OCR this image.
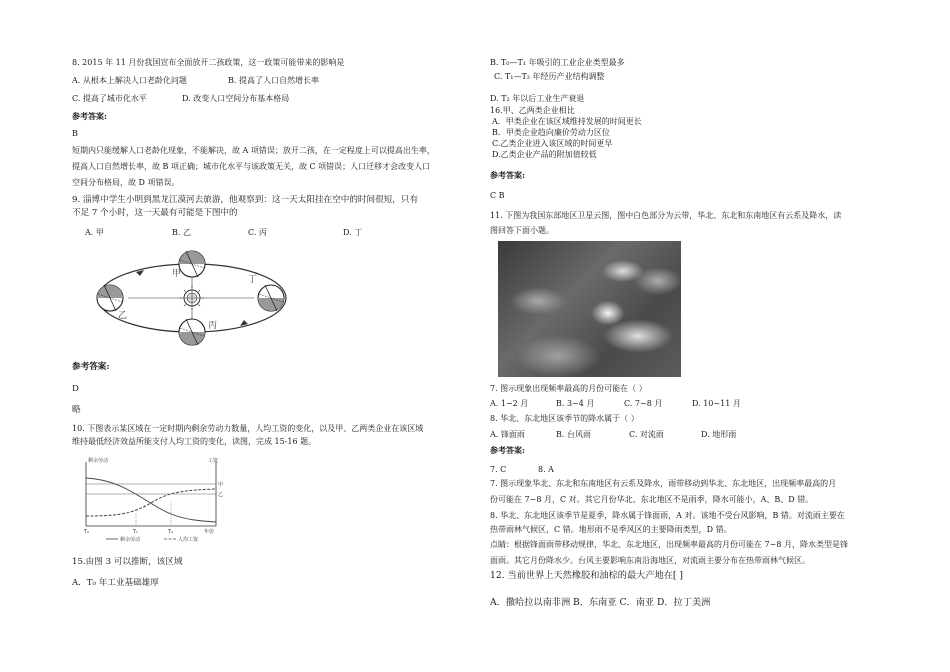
8. 2015 年 11 月份我国宣布全面放开二孩政策，这一政策可能带来的影响是
A. 从根本上解决人口老龄化问题	B. 提高了人口自然增长率
C. 提高了城市化水平	D. 改变人口空间分布基本格局
参考答案:
B
短期内只能缓解人口老龄化现象，不能解决，故 A 项错误；放开二孩，在一定程度上可以提高出生率，
提高人口自然增长率，故 B 项正确；城市化水平与该政策无关，故 C 项错误；人口迁移才会改变人口
空间分布格局，故 D 项错误。
9. 淄博中学生小明到黑龙江漠河去旅游，他观察到：这一天太阳挂在空中的时间很短，只有
不足 7 个小时，这一天最有可能是下图中的
A. 甲	B. 乙	C. 丙	D. 丁
甲
乙
丙
丁
参考答案:
D
略
10. 下图表示某区域在一定时期内剩余劳动力数量，人均工资的变化，以及甲、乙两类企业在该区域
维持最低经济效益所能支付人均工资的变化，读图，完成 15-16 题。
剩余劳动	工资
甲
乙
T₀	T₁	T₂	年份
剩余劳动	人均工资
15.由图 3 可以推断，该区域
A．T₀ 年工业基础雄厚
B. T₀—T₁ 年吸引的工业企业类型最多
C. T₁—T₂ 年经历产业结构调整
D. T₂ 年以后工业生产衰退
16.甲、乙两类企业相比
A．甲类企业在该区域维持发展的时间更长
B．甲类企业趋向廉价劳动力区位
C.乙类企业进入该区域的时间更早
D.乙类企业产品的附加值较低
参考答案:
C B
11. 下图为我国东部地区卫星云图，图中白色部分为云带，华北、东北和东南地区有云系及降水，读
图回答下面小题。
7. 图示现象出现频率最高的月份可能在（ ）
A. 1~2 月	B. 3~4 月	C. 7~8 月	D. 10~11 月
8. 华北、东北地区该季节的降水属于（ ）
A. 锋面雨	B. 台风雨	C. 对流雨	D. 地形雨
参考答案:
7. C	8. A
7. 图示现象华北、东北和东南地区有云系及降水，雨带移动到华北、东北地区，出现频率最高的月
份可能在 7~8 月，C 对。其它月份华北、东北地区不是雨季，降水可能小，A、B、D 错。
8. 华北、东北地区该季节是夏季，降水属于锋面雨，A 对。该地不受台风影响，B 错。对流雨主要在
热带雨林气候区，C 错。地形雨不是季风区的主要降雨类型，D 错。
点睛：根据锋面雨带移动规律，华北、东北地区，出现频率最高的月份可能在 7~8 月，降水类型是锋
面雨。其它月份降水少。台风主要影响东南沿海地区，对流雨主要分布在热带雨林气候区。
12. 当前世界上天然橡胶和油棕的最大产地在[ ]
A．撒哈拉以南非洲 B．东南亚 C．南亚 D．拉丁美洲
